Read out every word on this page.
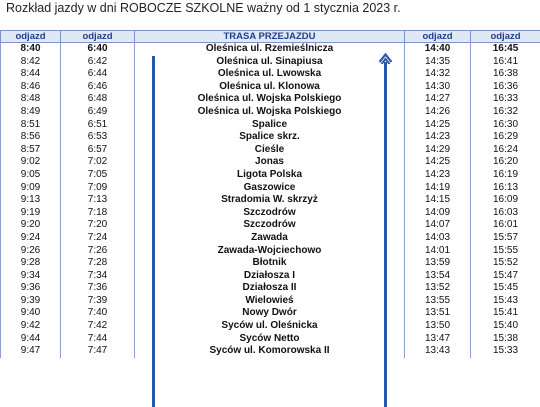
Rozkład jazdy w dni ROBOCZE SZKOLNE ważny od 1 stycznia 2023 r.
odjazd	odjazd	TRASA PRZEJAZDU	odjazd	odjazd
8:40	6:40	Oleśnica ul. Rzemieślnicza	14:40	16:45
8:42	6:42	Oleśnica ul. Sinapiusa	14:35	16:41
8:44	6:44	Oleśnica ul. Lwowska	14:32	16:38
8:46	6:46	Oleśnica ul. Klonowa	14:30	16:36
8:48	6:48	Oleśnica ul. Wojska Polskiego	14:27	16:33
8:49	6:49	Oleśnica ul. Wojska Polskiego	14:26	16:32
8:51	6:51	Spalice	14:25	16:30
8:56	6:53	Spalice skrz.	14:23	16:29
8:57	6:57	Cieśle	14:29	16:24
9:02	7:02	Jonas	14:25	16:20
9:05	7:05	Ligota Polska	14:23	16:19
9:09	7:09	Gaszowice	14:19	16:13
9:13	7:13	Stradomia W. skrzyż	14:15	16:09
9:19	7:18	Szczodrów	14:09	16:03
9:20	7:20	Szczodrów	14:07	16:01
9:24	7:24	Zawada	14:03	15:57
9:26	7:26	Zawada-Wojciechowo	14:01	15:55
9:28	7:28	Błotnik	13:59	15:52
9:34	7:34	Działosza I	13:54	15:47
9:36	7:36	Działosza II	13:52	15:45
9:39	7:39	Wielowieś	13:55	15:43
9:40	7:40	Nowy Dwór	13:51	15:41
9:42	7:42	Syców ul. Oleśnicka	13:50	15:40
9:44	7:44	Syców Netto	13:47	15:38
9:47	7:47	Syców ul. Komorowska II	13:43	15:33
